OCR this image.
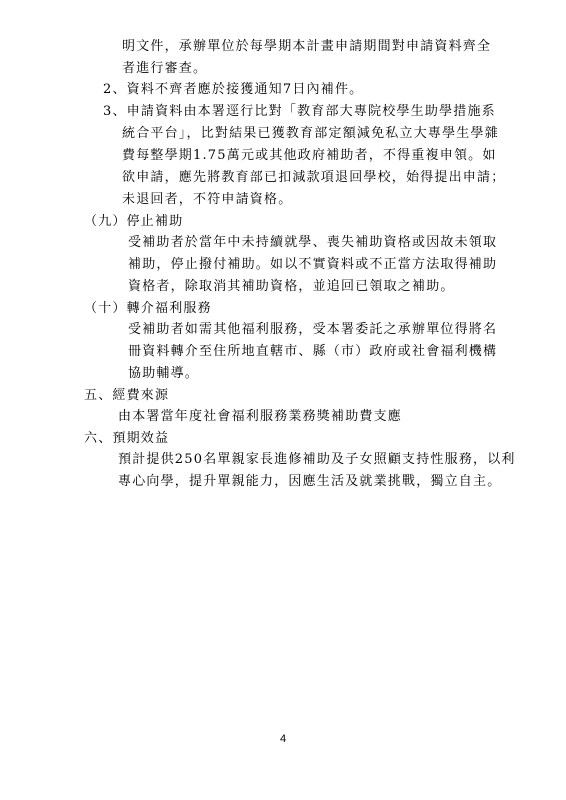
明文件，承辦單位於每學期本計畫申請期間對申請資料齊全
者進行審查。
2、資料不齊者應於接獲通知7日內補件。
3、申請資料由本署逕行比對「教育部大專院校學生助學措施系
統合平台」，比對結果已獲教育部定額減免私立大專學生學雜
費每整學期1.75萬元或其他政府補助者，不得重複申領。如
欲申請，應先將教育部已扣減款項退回學校，始得提出申請；
未退回者，不符申請資格。
（九）停止補助
受補助者於當年中未持續就學、喪失補助資格或因故未領取
補助，停止撥付補助。如以不實資料或不正當方法取得補助
資格者，除取消其補助資格，並追回已領取之補助。
（十）轉介福利服務
受補助者如需其他福利服務，受本署委託之承辦單位得將名
冊資料轉介至住所地直轄市、縣（市）政府或社會福利機構
協助輔導。
五、經費來源
由本署當年度社會福利服務業務獎補助費支應
六、預期效益
預計提供250名單親家長進修補助及子女照顧支持性服務，以利
專心向學，提升單親能力，因應生活及就業挑戰，獨立自主。
4
